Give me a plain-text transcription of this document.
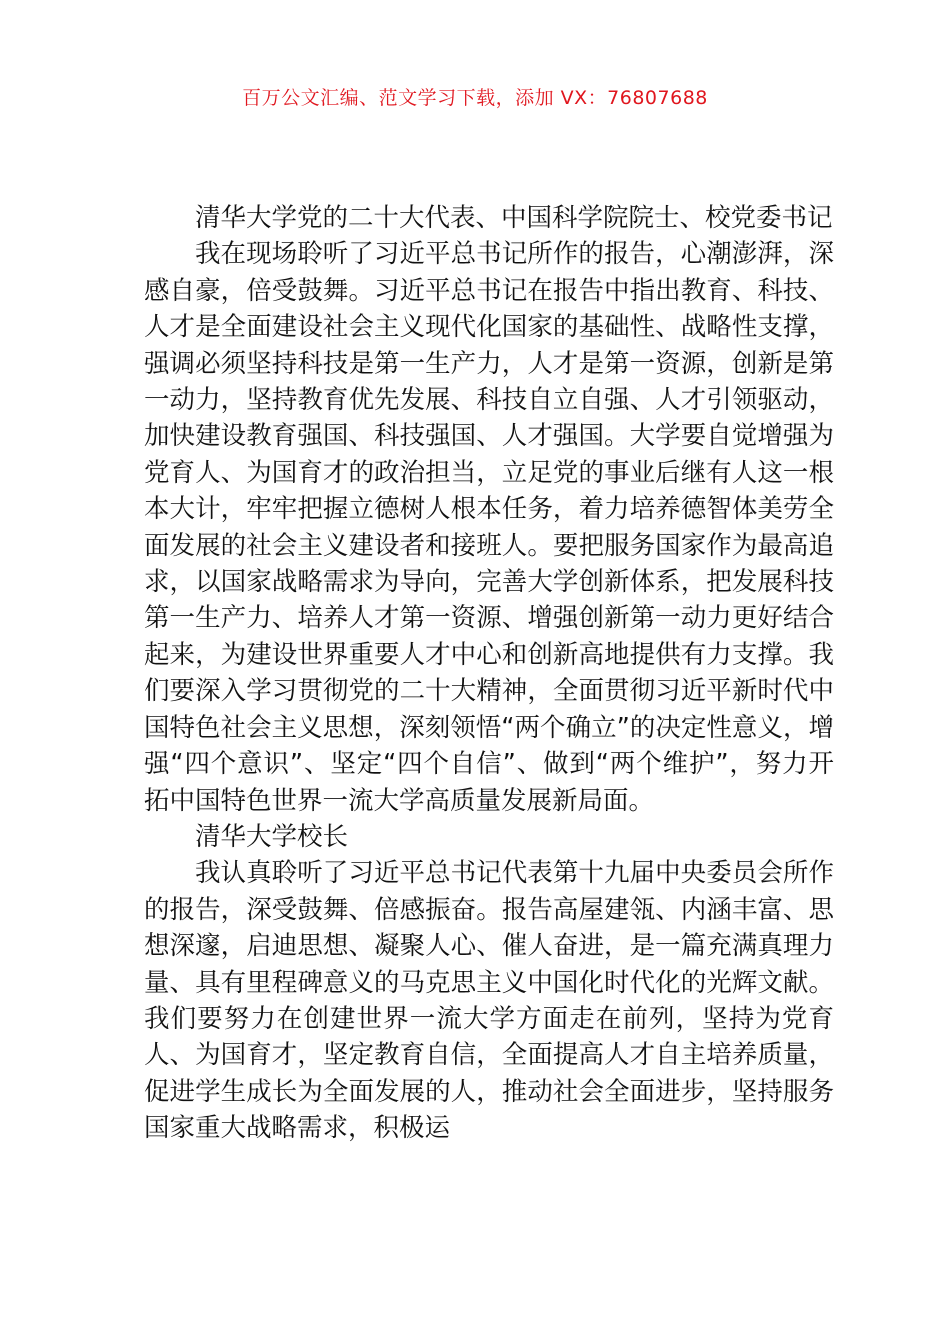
百万公文汇编、范文学习下载，添加 VX：76807688

清华大学党的二十大代表、中国科学院院士、校党委书记

我在现场聆听了习近平总书记所作的报告，心潮澎湃，深感自豪，倍受鼓舞。习近平总书记在报告中指出教育、科技、人才是全面建设社会主义现代化国家的基础性、战略性支撑，强调必须坚持科技是第一生产力，人才是第一资源，创新是第一动力，坚持教育优先发展、科技自立自强、人才引领驱动，加快建设教育强国、科技强国、人才强国。大学要自觉增强为党育人、为国育才的政治担当，立足党的事业后继有人这一根本大计，牢牢把握立德树人根本任务，着力培养德智体美劳全面发展的社会主义建设者和接班人。要把服务国家作为最高追求，以国家战略需求为导向，完善大学创新体系，把发展科技第一生产力、培养人才第一资源、增强创新第一动力更好结合起来，为建设世界重要人才中心和创新高地提供有力支撑。我们要深入学习贯彻党的二十大精神，全面贯彻习近平新时代中国特色社会主义思想，深刻领悟“两个确立”的决定性意义，增强“四个意识”、坚定“四个自信”、做到“两个维护”，努力开拓中国特色世界一流大学高质量发展新局面。

清华大学校长

我认真聆听了习近平总书记代表第十九届中央委员会所作的报告，深受鼓舞、倍感振奋。报告高屋建瓴、内涵丰富、思想深邃，启迪思想、凝聚人心、催人奋进，是一篇充满真理力量、具有里程碑意义的马克思主义中国化时代化的光辉文献。我们要努力在创建世界一流大学方面走在前列，坚持为党育人、为国育才，坚定教育自信，全面提高人才自主培养质量，促进学生成长为全面发展的人，推动社会全面进步，坚持服务国家重大战略需求，积极运
